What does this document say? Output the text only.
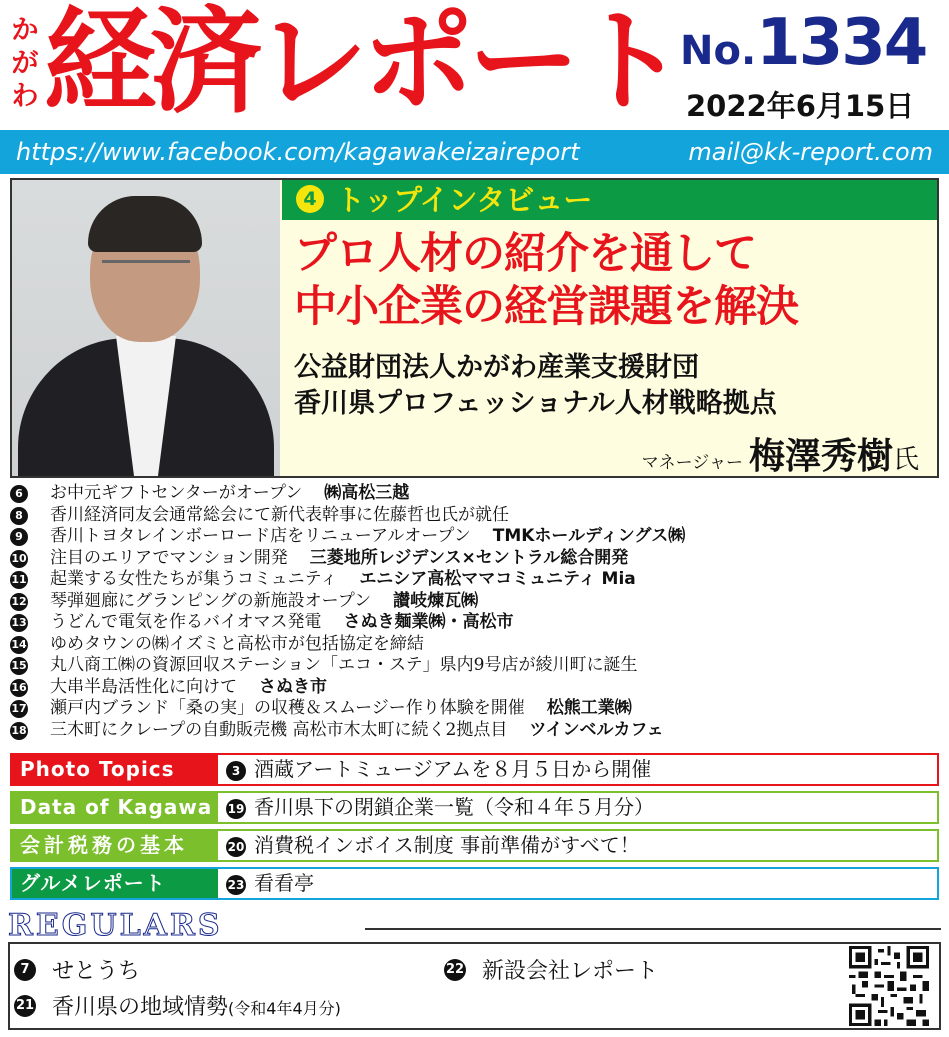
か
が
わ 経済レポート No.1334
2022年6月15日
https://www.facebook.com/kagawakeizaireport	mail@kk-report.com
4 トップインタビュー
プロ人材の紹介を通して
中小企業の経営課題を解決
公益財団法人かがわ産業支援財団
香川県プロフェッショナル人材戦略拠点
マネージャー 梅澤秀樹氏
6	お中元ギフトセンターがオープン ㈱高松三越
8	香川経済同友会通常総会にて新代表幹事に佐藤哲也氏が就任
9	香川トヨタレインボーロード店をリニューアルオープン TMKホールディングス㈱
10 注目のエリアでマンション開発 三菱地所レジデンス×セントラル総合開発
11 起業する女性たちが集うコミュニティ エニシア高松ママコミュニティ Mia
12 琴弾廻廊にグランピングの新施設オープン 讃岐煉瓦㈱
13 うどんで電気を作るバイオマス発電 さぬき麺業㈱・高松市
14 ゆめタウンの㈱イズミと高松市が包括協定を締結
15 丸八商工㈱の資源回収ステーション「エコ・ステ」県内9号店が綾川町に誕生
16 大串半島活性化に向けて さぬき市
17 瀬戸内ブランド「桑の実」の収穫＆スムージー作り体験を開催 松熊工業㈱
18 三木町にクレープの自動販売機 高松市木太町に続く2拠点目 ツインベルカフェ
Photo Topics	3 酒蔵アートミュージアムを８月５日から開催
Data of Kagawa	19 香川県下の閉鎖企業一覧（令和４年５月分）
会計税務の基本	20 消費税インボイス制度 事前準備がすべて！
グルメレポート	23 看看亭
REGULARS
7 せとうち	22 新設会社レポート
21 香川県の地域情勢(令和4年4月分)
